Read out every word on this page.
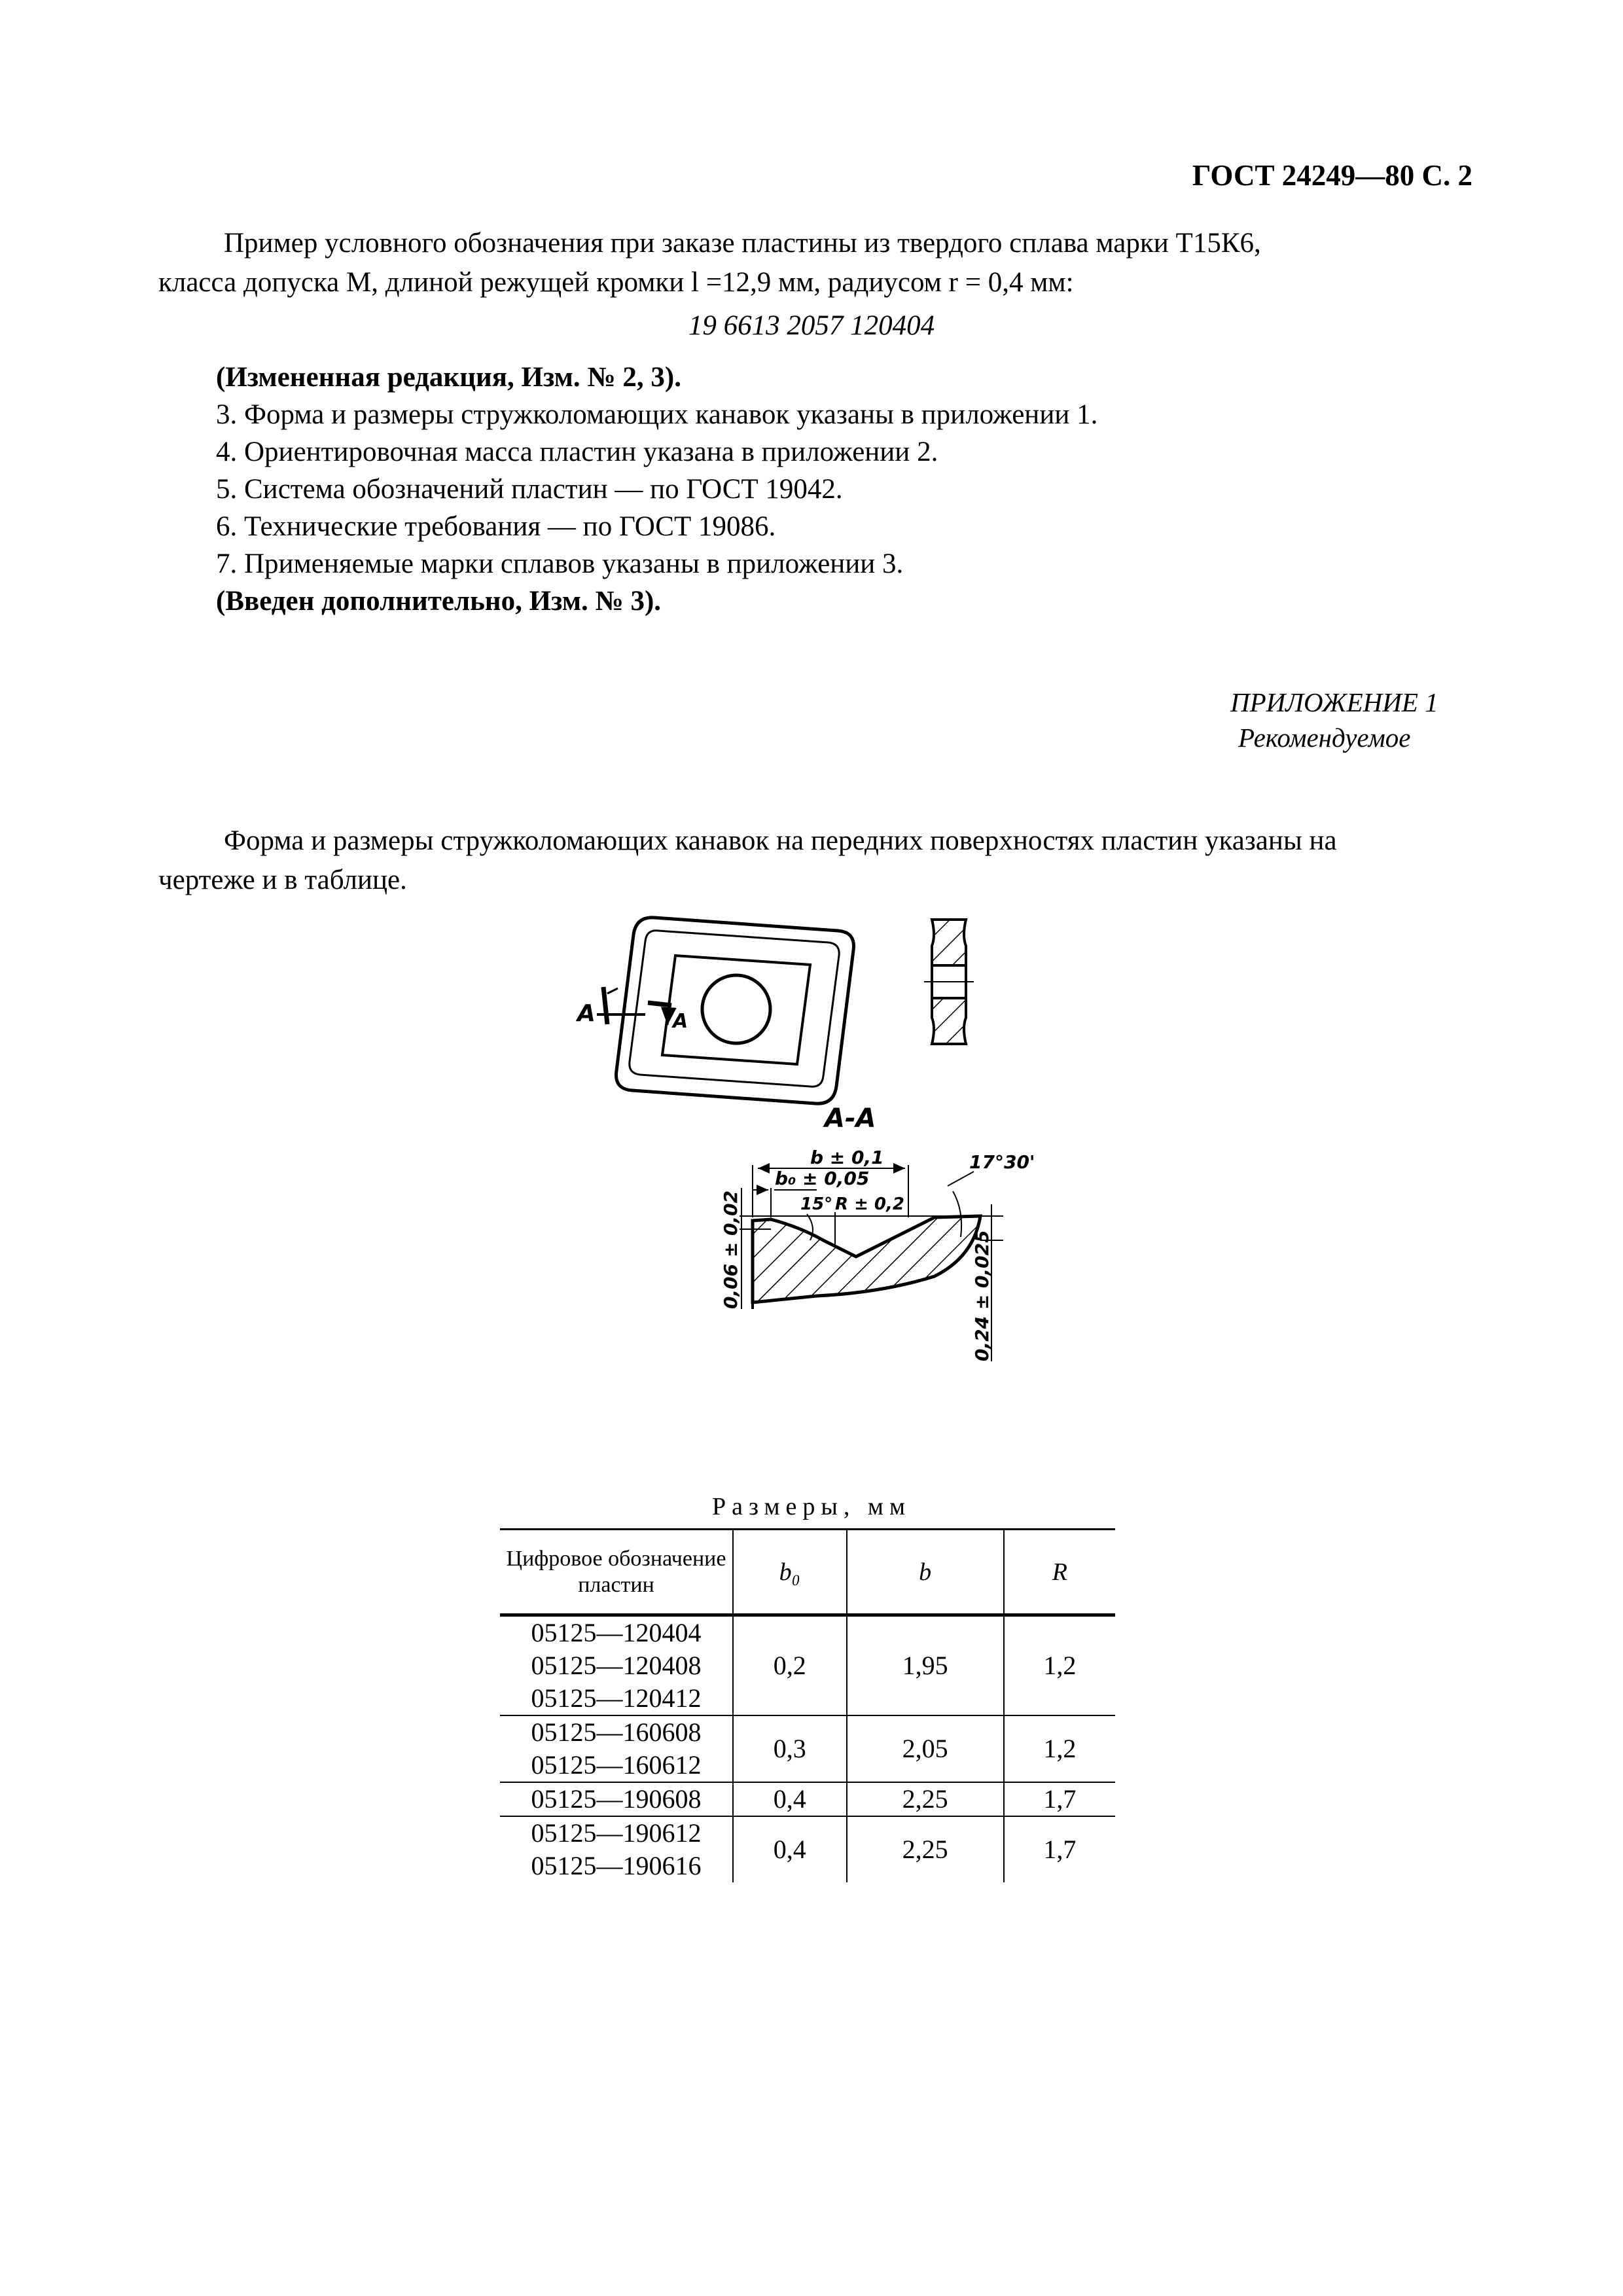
ГОСТ 24249—80 С. 2
Пример условного обозначения при заказе пластины из твердого сплава марки Т15К6,
класса допуска М, длиной режущей кромки l =12,9 мм, радиусом r = 0,4 мм:
19 6613 2057 120404
(Измененная редакция, Изм. № 2, 3).
3. Форма и размеры стружколомающих канавок указаны в приложении 1.
4. Ориентировочная масса пластин указана в приложении 2.
5. Система обозначений пластин — по ГОСТ 19042.
6. Технические требования — по ГОСТ 19086.
7. Применяемые марки сплавов указаны в приложении 3.
(Введен дополнительно, Изм. № 3).
ПРИЛОЖЕНИЕ 1
Рекомендуемое
Форма и размеры стружколомающих канавок на передних поверхностях пластин указаны на
чертеже и в таблице.
A	A
A-A
b ± 0,1
b₀ ± 0,05
15° R ± 0,2
17°30'
0,06 ± 0,02	0,24 ± 0,025
Размеры, мм
Цифровое обозначение пластин	b₀	b	R

05125—120404
05125—120408
05125—120412	0,2	1,95	1,2

05125—160608
05125—160612	0,3	2,05	1,2

05125—190608	0,4	2,25	1,7

05125—190612
05125—190616	0,4	2,25	1,7
